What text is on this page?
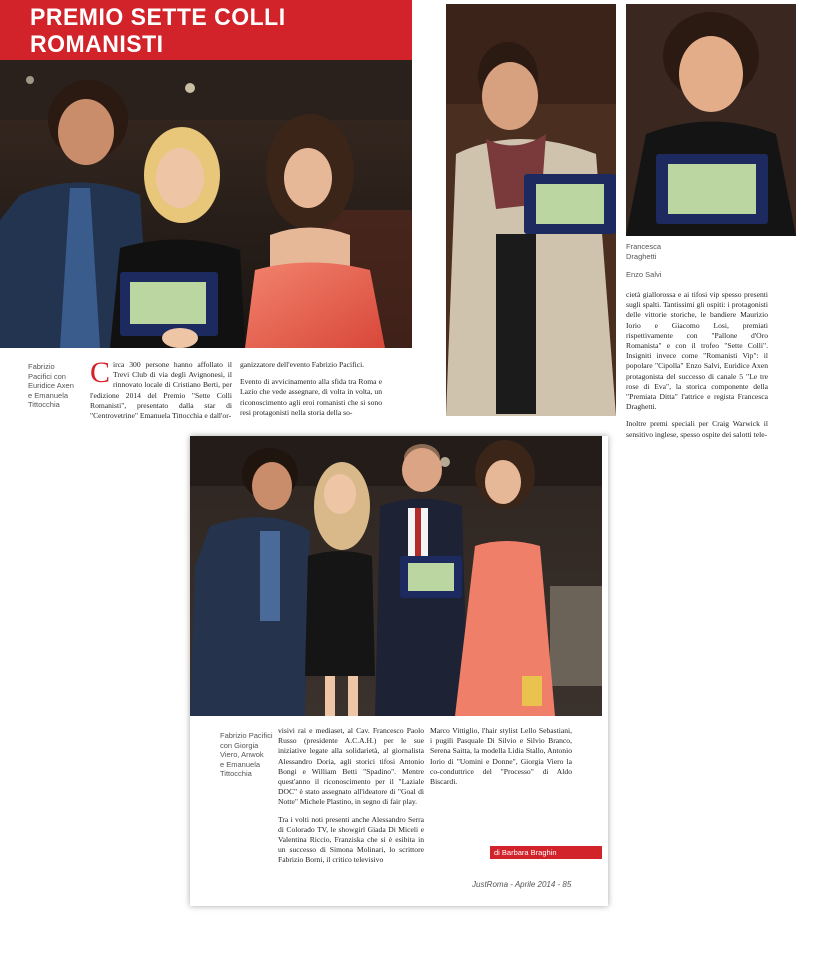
PREMIO SETTE COLLI ROMANISTI
Fabrizio
Pacifici con
Euridice Axen
e Emanuela
Tittocchia

Circa 300 persone hanno affollato il Trevi Club di via degli Avignonesi, il rinnovato locale di Cristiano Berti, per l'edizione 2014 del Premio "Sette Colli Romanisti", presentato dalla star di "Centrovetrine" Emanuela Tittocchia e dall'or-

ganizzatore dell'evento Fabrizio Pacifici.

Evento di avvicinamento alla sfida tra Roma e Lazio che vede assegnare, di volta in volta, un riconoscimento agli eroi romanisti che si sono resi protagonisti nella storia della so-

Francesca
Draghetti
Enzo Salvi

cietà giallorossa e ai tifosi vip spesso presenti sugli spalti. Tantissimi gli ospiti: i protagonisti delle vittorie storiche, le bandiere Maurizio Iorio e Giacomo Losi, premiati rispettivamente con "Pallone d'Oro Romanista" e con il trofeo "Sette Colli". Insigniti invece come "Romanisti Vip": il popolare "Cipolla" Enzo Salvi, Euridice Axen protagonista del successo di canale 5 "Le tre rose di Eva", la storica componente della "Premiata Ditta" l'attrice e regista Francesca Draghetti.

Inoltre premi speciali per Craig Warwick il sensitivo inglese, spesso ospite dei salotti tele-

Fabrizio Pacifici
con Giorgia
Viero, Anwok
e Emanuela
Tittocchia

visivi rai e mediaset, al Cav. Francesco Paolo Russo (presidente A.C.A.H.) per le sue iniziative legate alla solidarietà, al giornalista Alessandro Doria, agli storici tifosi Antonio Bongi e William Betti "Spadino". Mentre quest'anno il riconoscimento per il "Laziale DOC" è stato assegnato all'ideatore di "Goal di Notte" Michele Plastino, in segno di fair play.

Tra i volti noti presenti anche Alessandro Serra di Colorado TV, le showgirl Giada Di Miceli e Valentina Riccio, Franziska che si è esibita in un successo di Simona Molinari, lo scrittore Fabrizio Borni, il critico televisivo

Marco Vittiglio, l'hair stylist Lello Sebastiani, i pugili Pasquale Di Silvio e Silvio Branco, Serena Saitta, la modella Lidia Stallo, Antonio Iorio di "Uomini e Donne", Giorgia Viero la co-conduttrice del "Processo" di Aldo Biscardi.

di Barbara Braghin
JustRoma - Aprile 2014 - 85
